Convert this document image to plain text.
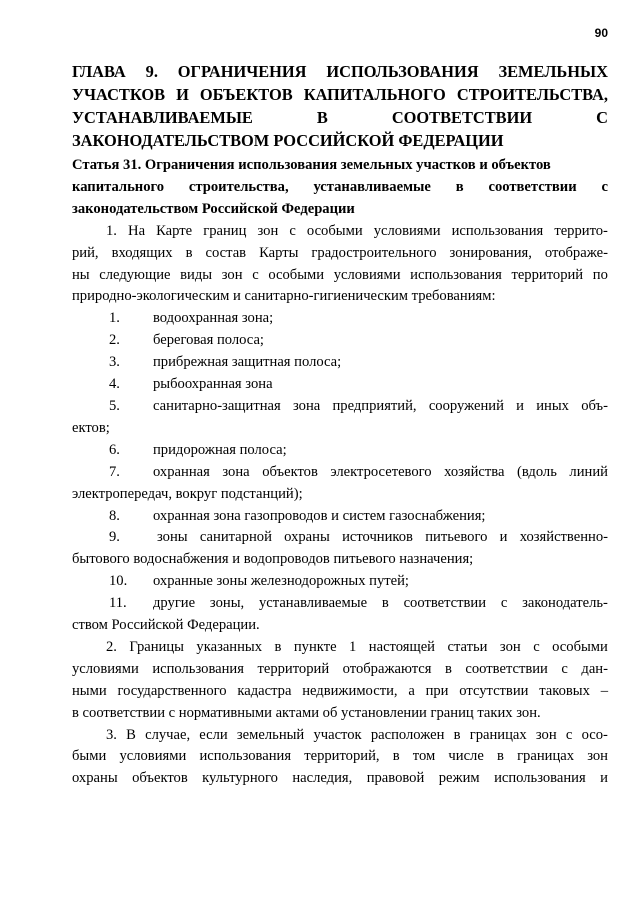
90
ГЛАВА 9. ОГРАНИЧЕНИЯ ИСПОЛЬЗОВАНИЯ ЗЕМЕЛЬНЫХ
УЧАСТКОВ И ОБЪЕКТОВ КАПИТАЛЬНОГО СТРОИТЕЛЬСТВА,
УСТАНАВЛИВАЕМЫЕ	В	СООТВЕТСТВИИ	С
ЗАКОНОДАТЕЛЬСТВОМ РОССИЙСКОЙ ФЕДЕРАЦИИ
Статья 31. Ограничения использования земельных участков и объектов
капитального строительства, устанавливаемые в соответствии с
законодательством Российской Федерации
1. На Карте границ зон с особыми условиями использования террито-
рий, входящих в состав Карты градостроительного зонирования, отображе-
ны следующие виды зон с особыми условиями использования территорий по
природно-экологическим и санитарно-гигиеническим требованиям:
1.	водоохранная зона;
2.	береговая полоса;
3.	прибрежная защитная полоса;
4.	рыбоохранная зона
5.	санитарно-защитная зона предприятий, сооружений и иных объ-
ектов;
6.	придорожная полоса;
7.	охранная зона объектов электросетевого хозяйства (вдоль линий
электропередач, вокруг подстанций);
8.	охранная зона газопроводов и систем газоснабжения;
9.	зоны санитарной охраны источников питьевого и хозяйственно-
бытового водоснабжения и водопроводов питьевого назначения;
10.	охранные зоны железнодорожных путей;
11.	другие зоны, устанавливаемые в соответствии с законодатель-
ством Российской Федерации.
2. Границы указанных в пункте 1 настоящей статьи зон с особыми
условиями использования территорий отображаются в соответствии с дан-
ными государственного кадастра недвижимости, а при отсутствии таковых –
в соответствии с нормативными актами об установлении границ таких зон.
3. В случае, если земельный участок расположен в границах зон с осо-
быми условиями использования территорий, в том числе в границах зон
охраны объектов культурного наследия, правовой режим использования и
